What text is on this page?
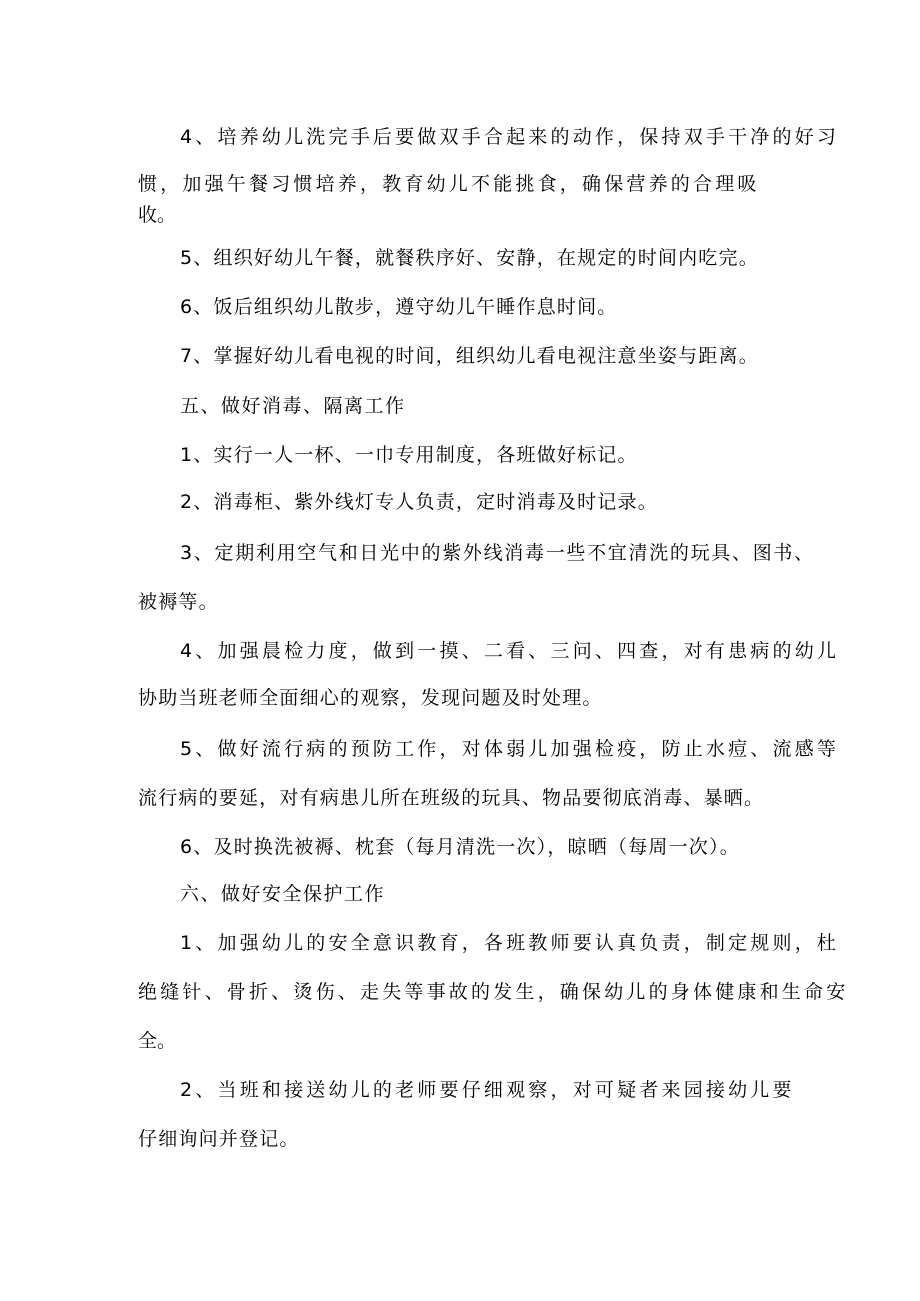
4、培养幼儿洗完手后要做双手合起来的动作，保持双手干净的好习
惯，加强午餐习惯培养，教育幼儿不能挑食，确保营养的合理吸
收。
5、组织好幼儿午餐，就餐秩序好、安静，在规定的时间内吃完。
6、饭后组织幼儿散步，遵守幼儿午睡作息时间。
7、掌握好幼儿看电视的时间，组织幼儿看电视注意坐姿与距离。
五、做好消毒、隔离工作
1、实行一人一杯、一巾专用制度，各班做好标记。
2、消毒柜、紫外线灯专人负责，定时消毒及时记录。
3、定期利用空气和日光中的紫外线消毒一些不宜清洗的玩具、图书、
被褥等。
4、加强晨检力度，做到一摸、二看、三问、四查，对有患病的幼儿
协助当班老师全面细心的观察，发现问题及时处理。
5、做好流行病的预防工作，对体弱儿加强检疫，防止水痘、流感等
流行病的要延，对有病患儿所在班级的玩具、物品要彻底消毒、暴晒。
6、及时换洗被褥、枕套（每月清洗一次），晾晒（每周一次）。
六、做好安全保护工作
1、加强幼儿的安全意识教育，各班教师要认真负责，制定规则，杜
绝缝针、骨折、烫伤、走失等事故的发生，确保幼儿的身体健康和生命安
全。
2、当班和接送幼儿的老师要仔细观察，对可疑者来园接幼儿要
仔细询问并登记。
